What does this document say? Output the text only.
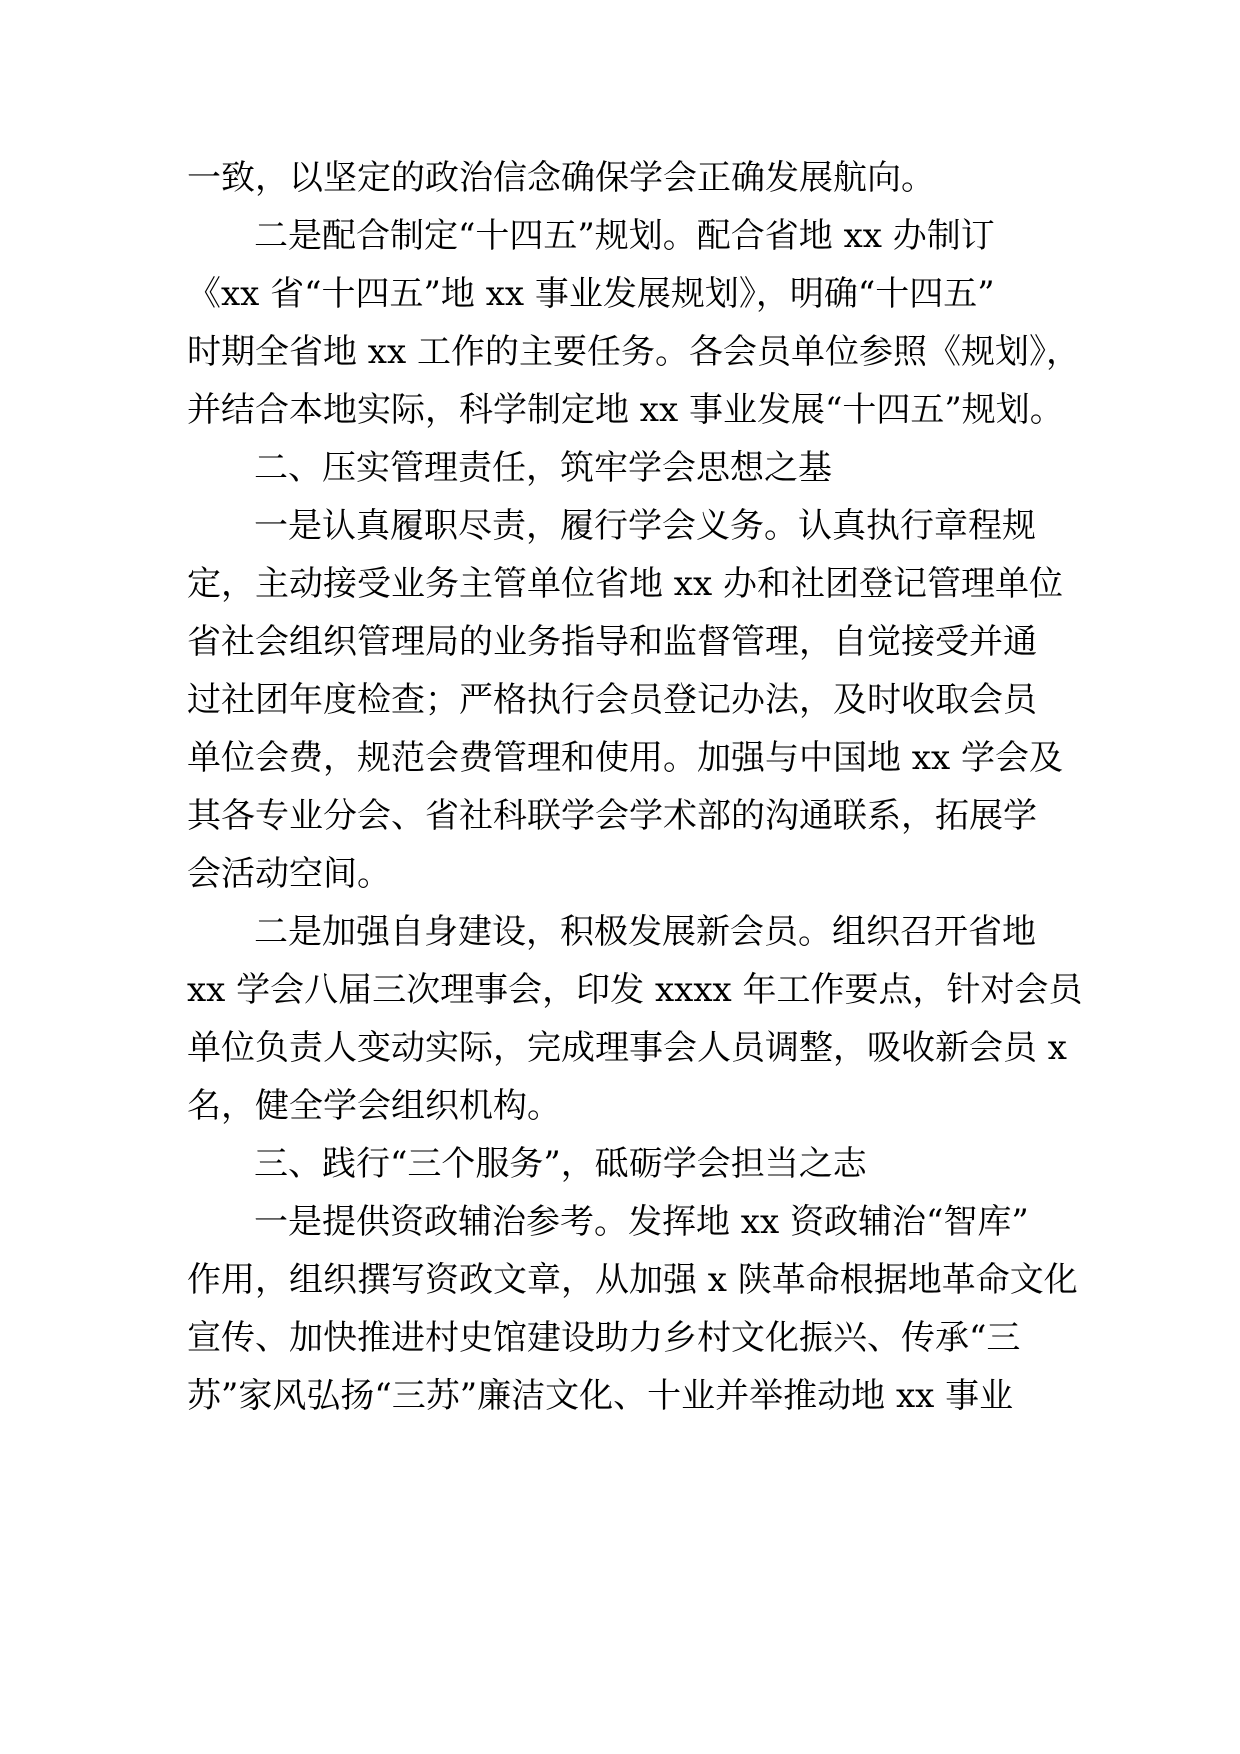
一致，以坚定的政治信念确保学会正确发展航向。
二是配合制定“十四五”规划。配合省地 xx 办制订
《xx 省“十四五”地 xx 事业发展规划》，明确“十四五”
时期全省地 xx 工作的主要任务。各会员单位参照《规划》，
并结合本地实际，科学制定地 xx 事业发展“十四五”规划。
二、压实管理责任，筑牢学会思想之基
一是认真履职尽责，履行学会义务。认真执行章程规
定，主动接受业务主管单位省地 xx 办和社团登记管理单位
省社会组织管理局的业务指导和监督管理，自觉接受并通
过社团年度检查；严格执行会员登记办法，及时收取会员
单位会费，规范会费管理和使用。加强与中国地 xx 学会及
其各专业分会、省社科联学会学术部的沟通联系，拓展学
会活动空间。
二是加强自身建设，积极发展新会员。组织召开省地
xx 学会八届三次理事会，印发 xxxx 年工作要点，针对会员
单位负责人变动实际，完成理事会人员调整，吸收新会员 x
名，健全学会组织机构。
三、践行“三个服务”，砥砺学会担当之志
一是提供资政辅治参考。发挥地 xx 资政辅治“智库”
作用，组织撰写资政文章，从加强 x 陕革命根据地革命文化
宣传、加快推进村史馆建设助力乡村文化振兴、传承“三
苏”家风弘扬“三苏”廉洁文化、十业并举推动地 xx 事业
